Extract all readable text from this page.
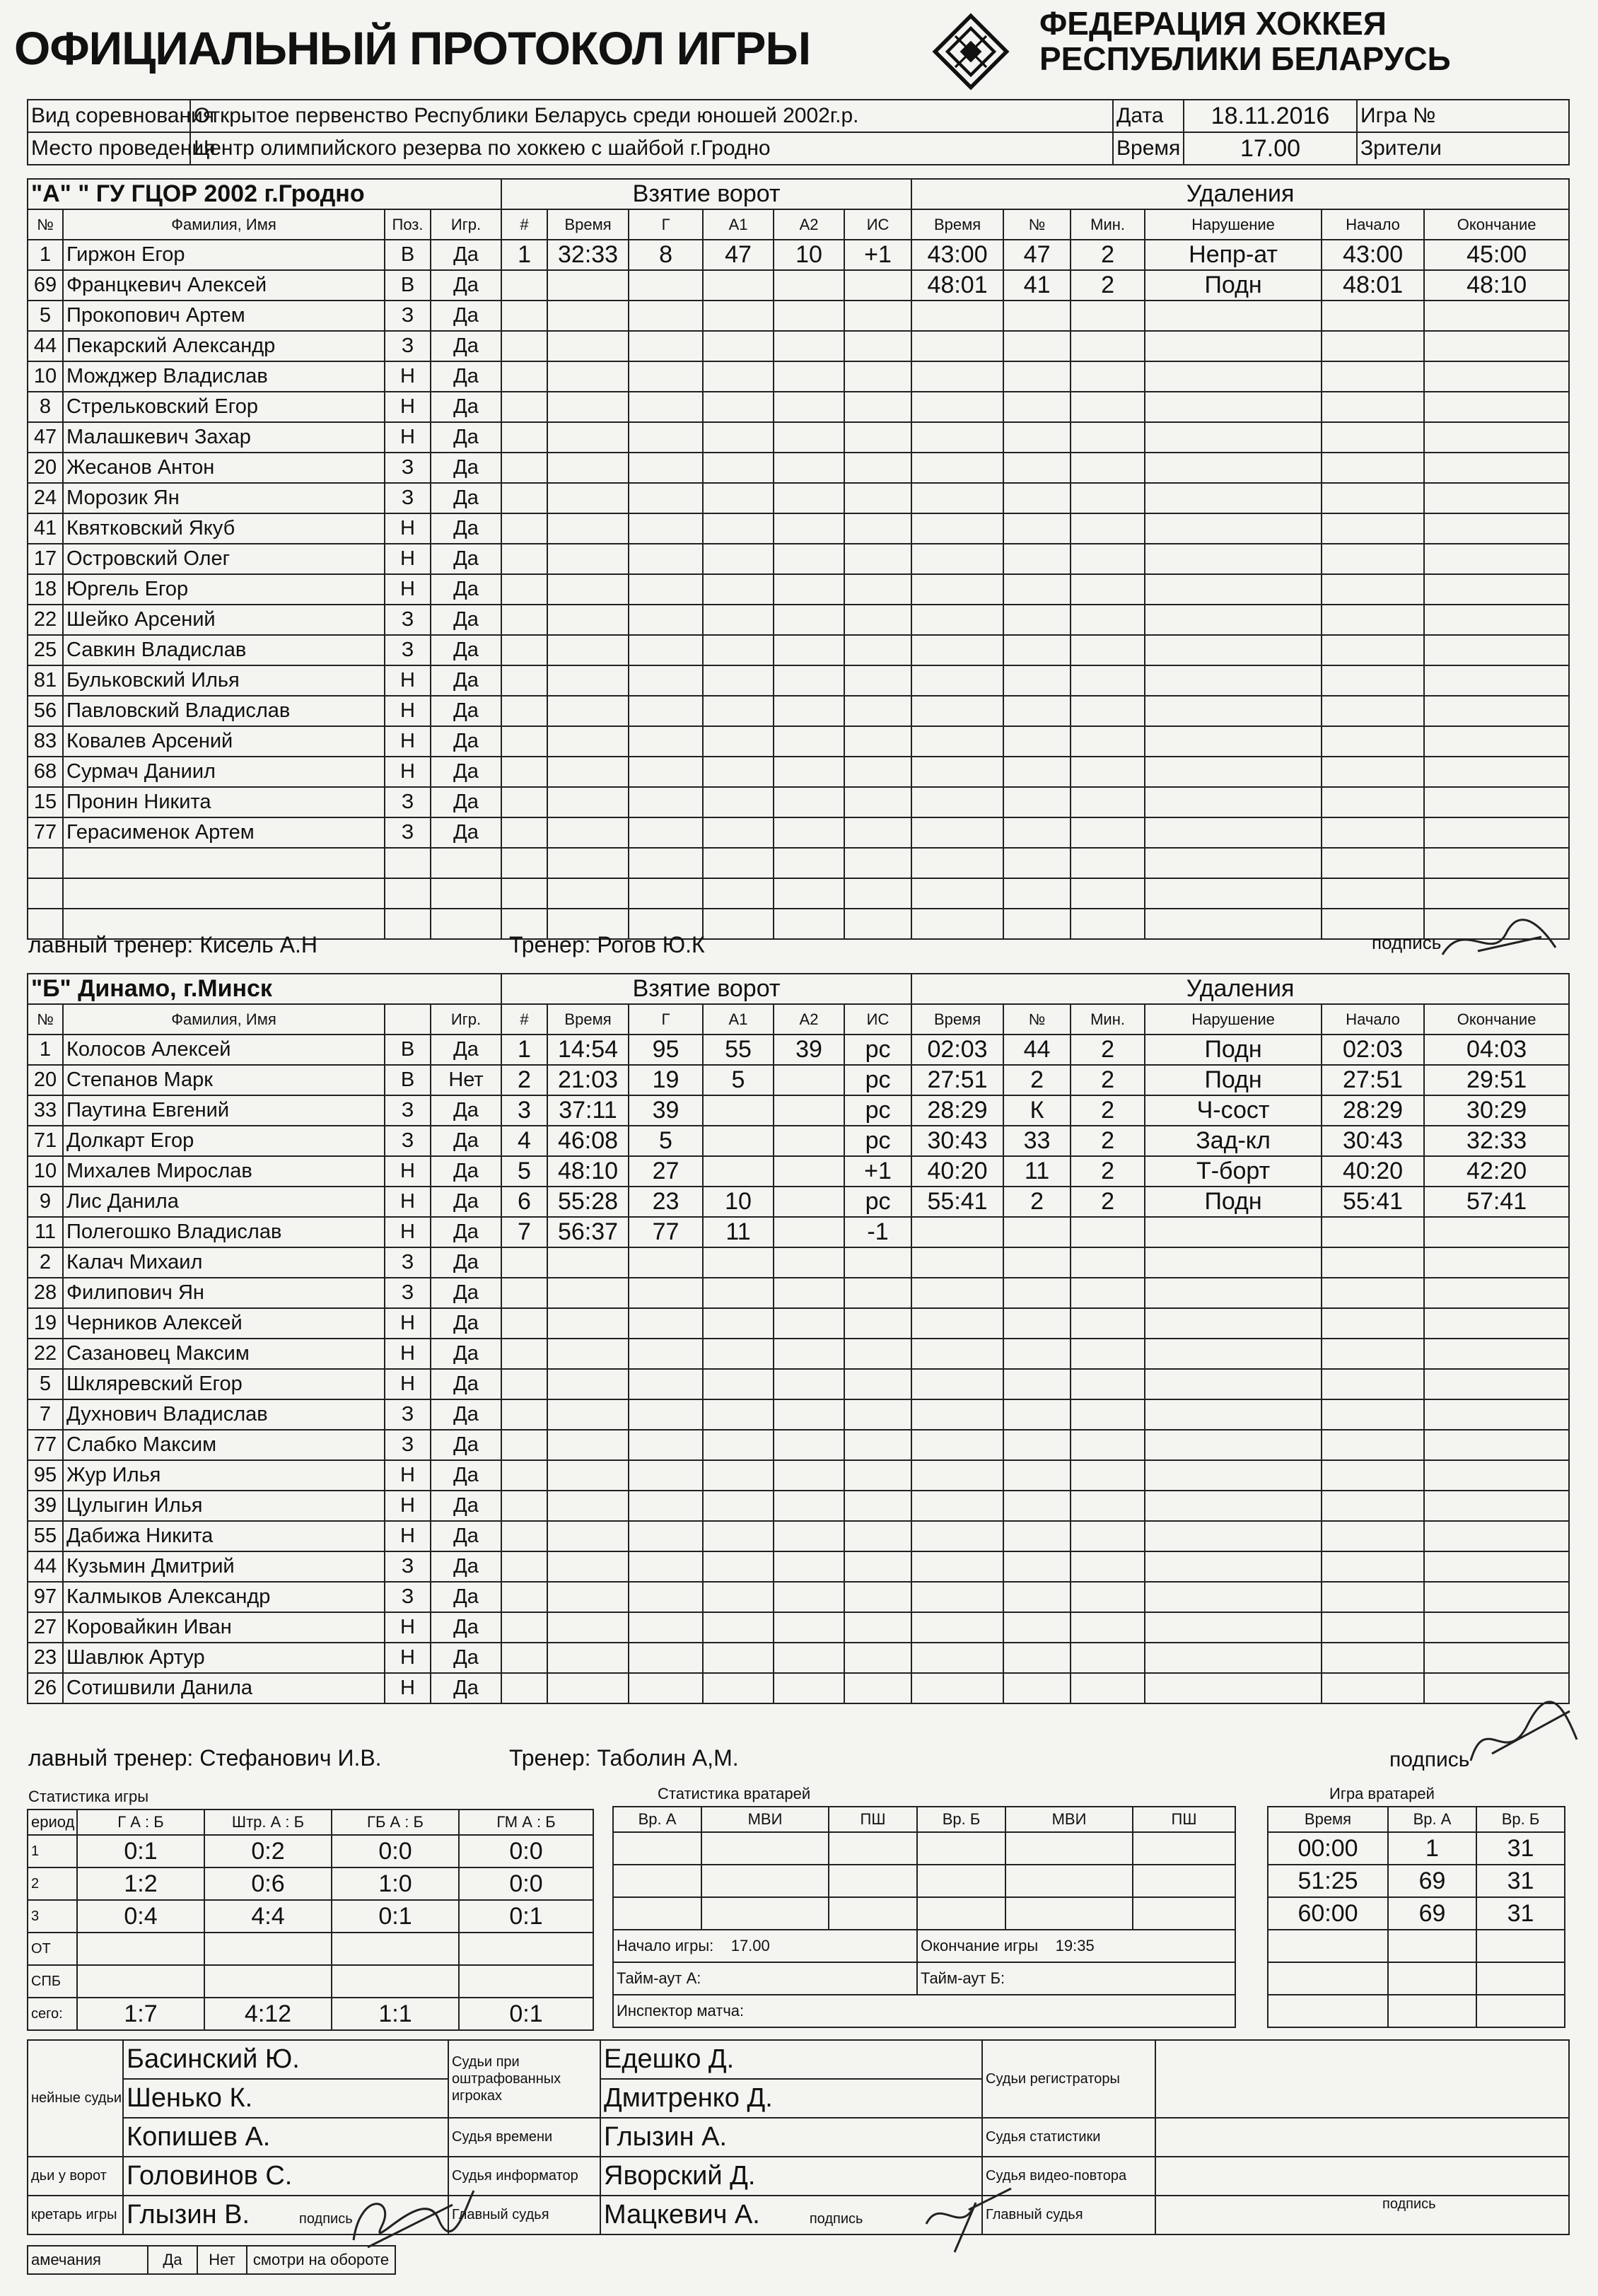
ОФИЦИАЛЬНЫЙ ПРОТОКОЛ ИГРЫ	ФЕДЕРАЦИЯ ХОККЕЯ
РЕСПУБЛИКИ БЕЛАРУСЬ
Вид соревнования	Открытое первенство Республики Беларусь среди юношей 2002г.р.	Дата	18.11.2016	Игра №
Место проведения	Центр олимпийского резерва по хоккею с шайбой г.Гродно	Время	17.00	Зрители
"А" " ГУ ГЦОР 2002 г.Гродно				Взятие ворот						Удаления					
№	Фамилия, Имя	Поз.	Игр.	#	Время	Г	А1	А2	ИС	Время	№	Мин.	Нарушение	Начало	Окончание
1	Гиржон Егор	В	Да	1	32:33	8	47	10	+1	43:00	47	2	Непр-ат	43:00	45:00
69	Францкевич Алексей	В	Да							48:01	41	2	Подн	48:01	48:10
5	Прокопович Артем	З	Да												
44	Пекарский Александр	З	Да												
10	Можджер Владислав	Н	Да												
8	Стрельковский Егор	Н	Да												
47	Малашкевич Захар	Н	Да												
20	Жесанов Антон	З	Да												
24	Морозик Ян	З	Да												
41	Квятковский Якуб	Н	Да												
17	Островский Олег	Н	Да												
18	Юргель Егор	Н	Да												
22	Шейко Арсений	З	Да												
25	Савкин Владислав	З	Да												
81	Бульковский Илья	Н	Да												
56	Павловский Владислав	Н	Да												
83	Ковалев Арсений	Н	Да												
68	Сурмач Даниил	Н	Да												
15	Пронин Никита	З	Да												
77	Герасименок Артем	З	Да												

лавный тренер: Кисель А.Н	Тренер: Рогов Ю.К	подпись
"Б" Динамо, г.Минск				Взятие ворот						Удаления					
№	Фамилия, Имя		Игр.	#	Время	Г	А1	А2	ИС	Время	№	Мин.	Нарушение	Начало	Окончание
1	Колосов Алексей	В	Да	1	14:54	95	55	39	рс	02:03	44	2	Подн	02:03	04:03
20	Степанов Марк	В	Нет	2	21:03	19	5		рс	27:51	2	2	Подн	27:51	29:51
33	Паутина Евгений	З	Да	3	37:11	39			рс	28:29	К	2	Ч-сост	28:29	30:29
71	Долкарт Егор	З	Да	4	46:08	5			рс	30:43	33	2	Зад-кл	30:43	32:33
10	Михалев Мирослав	Н	Да	5	48:10	27			+1	40:20	11	2	Т-борт	40:20	42:20
9	Лис Данила	Н	Да	6	55:28	23	10		рс	55:41	2	2	Подн	55:41	57:41
11	Полегошко Владислав	Н	Да	7	56:37	77	11		-1						
2	Калач Михаил	З	Да												
28	Филипович Ян	З	Да												
19	Черников Алексей	Н	Да												
22	Сазановец Максим	Н	Да												
5	Шкляревский Егор	Н	Да												
7	Духнович Владислав	З	Да												
77	Слабко Максим	З	Да												
95	Жур Илья	Н	Да												
39	Цулыгин Илья	Н	Да												
55	Дабижа Никита	Н	Да												
44	Кузьмин Дмитрий	З	Да												
97	Калмыков Александр	З	Да												
27	Коровайкин Иван	Н	Да												
23	Шавлюк Артур	Н	Да												
26	Сотишвили Данила	Н	Да												
лавный тренер: Стефанович И.В.	Тренер: Таболин А,М.	подпись
Статистика игры
ериод	Г А : Б	Штр. А : Б	ГБ А : Б	ГМ А : Б
1	0:1	0:2	0:0	0:0
2	1:2	0:6	1:0	0:0
3	0:4	4:4	0:1	0:1
ОТ				
СПБ				
сего:	1:7	4:12	1:1	0:1
Статистика вратарей
Вр. А	МВИ	ПШ	Вр. Б	МВИ	ПШ

Начало игры: 17.00			Окончание игры 19:35		
Тайм-аут А:			Тайм-аут Б:		
Инспектор матча:					
Игра вратарей
Время	Вр. А	Вр. Б
00:00	1	31
51:25	69	31
60:00	69	31

нейные судьи	Басинский Ю.	Судьи при оштрафованных игроках	Едешко Д.	Судьи регистраторы	
	Шенько К.		Дмитренко Д.		
	Копишев А.	Судья времени	Глызин А.	Судья статистики	
дьи у ворот	Головинов С.	Судья информатор	Яворский Д.	Судья видео-повтора	
кретарь игры	Глызин В. подпись	Главный судья	Мацкевич А. подпись	Главный судья	подпись
амечания	Да	Нет	смотри на обороте
